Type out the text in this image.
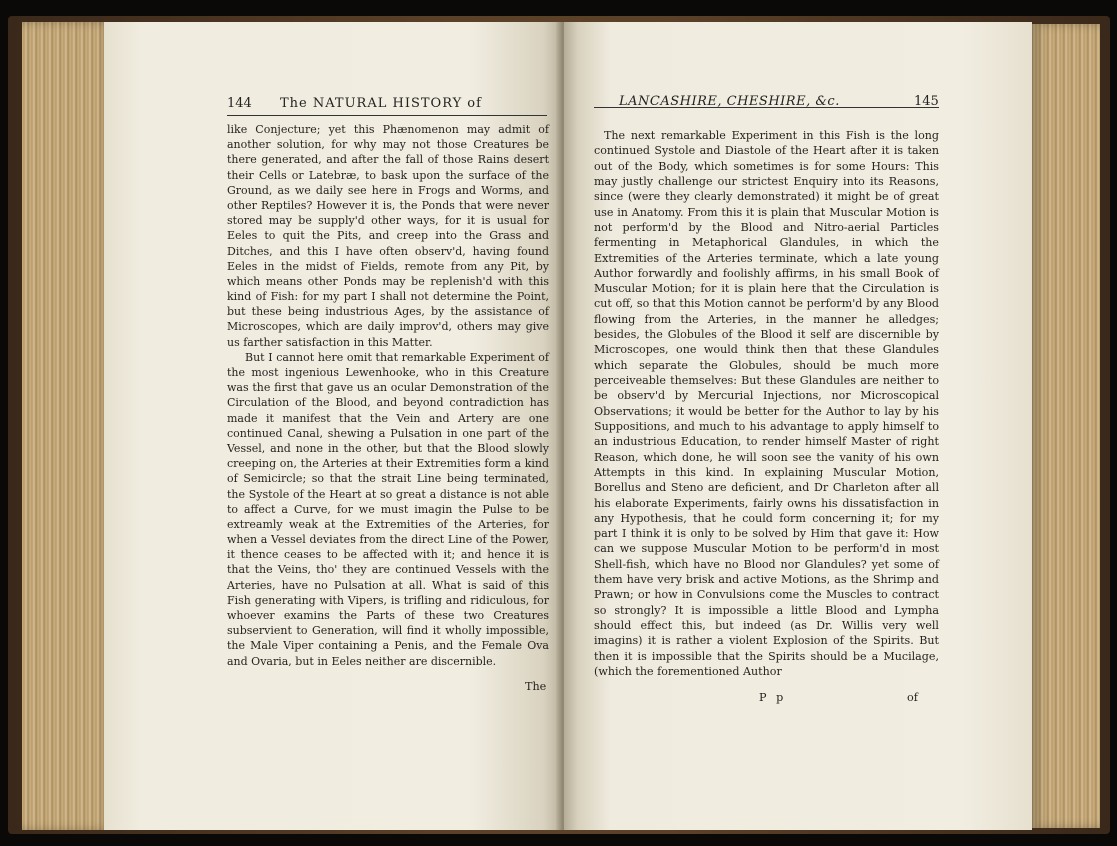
144 The NATURAL HISTORY of

like Conjecture; yet this Phænomenon may admit of another solution, for why may not those Creatures be there generated, and after the fall of those Rains desert their Cells or Latebræ, to bask upon the surface of the Ground, as we daily see here in Frogs and Worms, and other Reptiles? However it is, the Ponds that were never stored may be supply'd other ways, for it is usual for Eeles to quit the Pits, and creep into the Grass and Ditches, and this I have often observ'd, having found Eeles in the midst of Fields, remote from any Pit, by which means other Ponds may be replenish'd with this kind of Fish: for my part I shall not determine the Point, but these being industrious Ages, by the assistance of Microscopes, which are daily improv'd, others may give us farther satisfaction in this Matter.

But I cannot here omit that remarkable Experiment of the most ingenious Lewenhooke, who in this Creature was the first that gave us an ocular Demonstration of the Circulation of the Blood, and beyond contradiction has made it manifest that the Vein and Artery are one continued Canal, shewing a Pulsation in one part of the Vessel, and none in the other, but that the Blood slowly creeping on, the Arteries at their Extremities form a kind of Semicircle; so that the strait Line being terminated, the Systole of the Heart at so great a distance is not able to affect a Curve, for we must imagin the Pulse to be extreamly weak at the Extremities of the Arteries, for when a Vessel deviates from the direct Line of the Power, it thence ceases to be affected with it; and hence it is that the Veins, tho' they are continued Vessels with the Arteries, have no Pulsation at all. What is said of this Fish generating with Vipers, is trifling and ridiculous, for whoever examins the Parts of these two Creatures subservient to Generation, will find it wholly impossible, the Male Viper containing a Penis, and the Female Ova and Ovaria, but in Eeles neither are discernible.

The
LANCASHIRE, CHESHIRE, &c.	145

The next remarkable Experiment in this Fish is the long continued Systole and Diastole of the Heart after it is taken out of the Body, which sometimes is for some Hours: This may justly challenge our strictest Enquiry into its Reasons, since (were they clearly demonstrated) it might be of great use in Anatomy. From this it is plain that Muscular Motion is not perform'd by the Blood and Nitro-aerial Particles fermenting in Metaphorical Glandules, in which the Extremities of the Arteries terminate, which a late young Author forwardly and foolishly affirms, in his small Book of Muscular Motion; for it is plain here that the Circulation is cut off, so that this Motion cannot be perform'd by any Blood flowing from the Arteries, in the manner he alledges; besides, the Globules of the Blood it self are discernible by Microscopes, one would think then that these Glandules which separate the Globules, should be much more perceiveable themselves: But these Glandules are neither to be observ'd by Mercurial Injections, nor Microscopical Observations; it would be better for the Author to lay by his Suppositions, and much to his advantage to apply himself to an industrious Education, to render himself Master of right Reason, which done, he will soon see the vanity of his own Attempts in this kind. In explaining Muscular Motion, Borellus and Steno are deficient, and Dr Charleton after all his elaborate Experiments, fairly owns his dissatisfaction in any Hypothesis, that he could form concerning it; for my part I think it is only to be solved by Him that gave it: How can we suppose Muscular Motion to be perform'd in most Shell-fish, which have no Blood nor Glandules? yet some of them have very brisk and active Motions, as the Shrimp and Prawn; or how in Convulsions come the Muscles to contract so strongly? It is impossible a little Blood and Lympha should effect this, but indeed (as Dr. Willis very well imagins) it is rather a violent Explosion of the Spirits. But then it is impossible that the Spirits should be a Mucilage, (which the forementioned Author

P p	of
